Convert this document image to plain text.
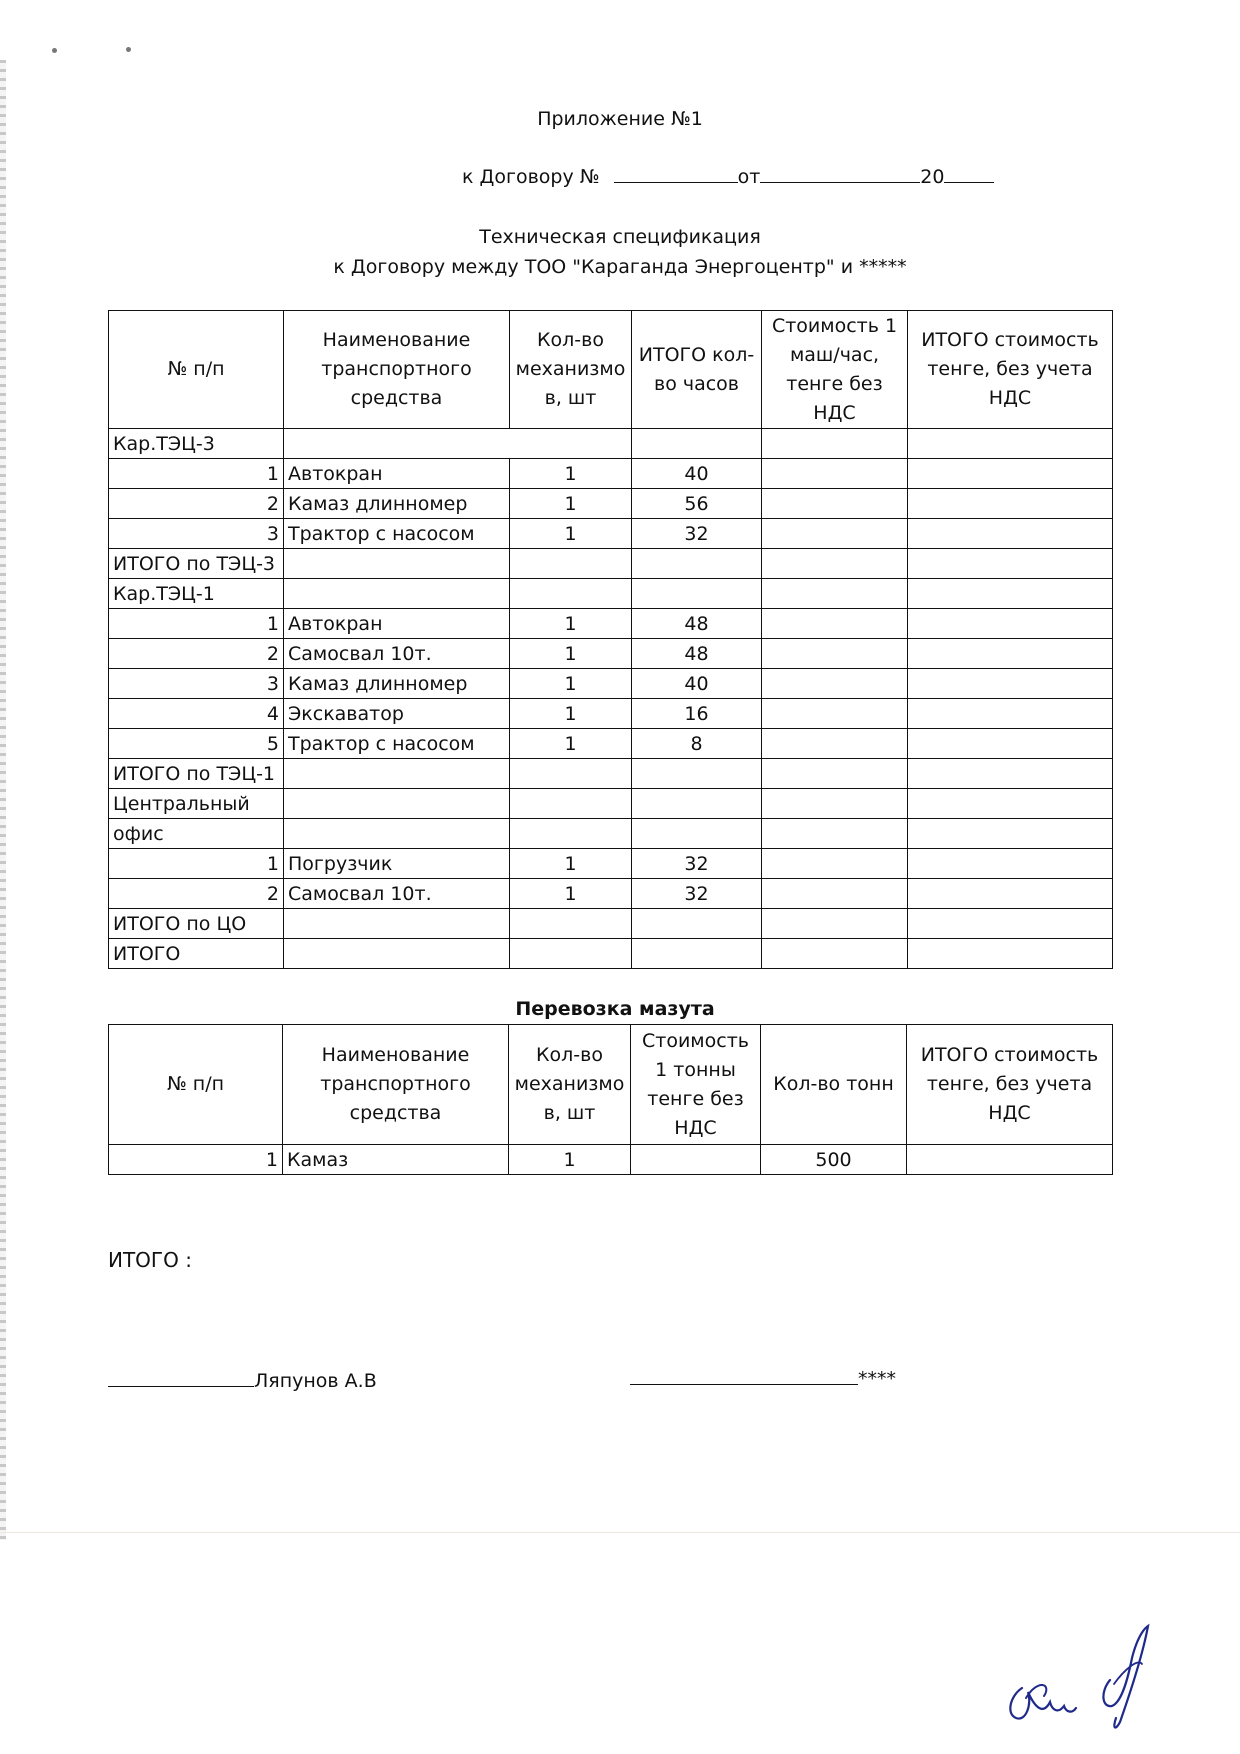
Приложение №1
к Договору №	от	20
Техническая спецификация
к Договору между ТОО "Караганда Энергоцентр" и *****
№ п/п	Наименование транспортного средства	Кол-во механизмо в, шт	ИТОГО кол-во часов	Стоимость 1 маш/час, тенге без НДС	ИТОГО стоимость тенге, без учета НДС
Кар.ТЭЦ-3					
1	Автокран	1	40		
2	Камаз длинномер	1	56		
3	Трактор с насосом	1	32		
ИТОГО по ТЭЦ-3					
Кар.ТЭЦ-1					
1	Автокран	1	48		
2	Самосвал 10т.	1	48		
3	Камаз длинномер	1	40		
4	Экскаватор	1	16		
5	Трактор с насосом	1	8		
ИТОГО по ТЭЦ-1					
Центральный					
офис					
1	Погрузчик	1	32		
2	Самосвал 10т.	1	32		
ИТОГО по ЦО					
ИТОГО					
Перевозка мазута
№ п/п	Наименование транспортного средства	Кол-во механизмо в, шт	Стоимость 1 тонны тенге без НДС	Кол-во тонн	ИТОГО стоимость тенге, без учета НДС
1	Камаз	1		500	
ИТОГО :
Ляпунов А.В	****
